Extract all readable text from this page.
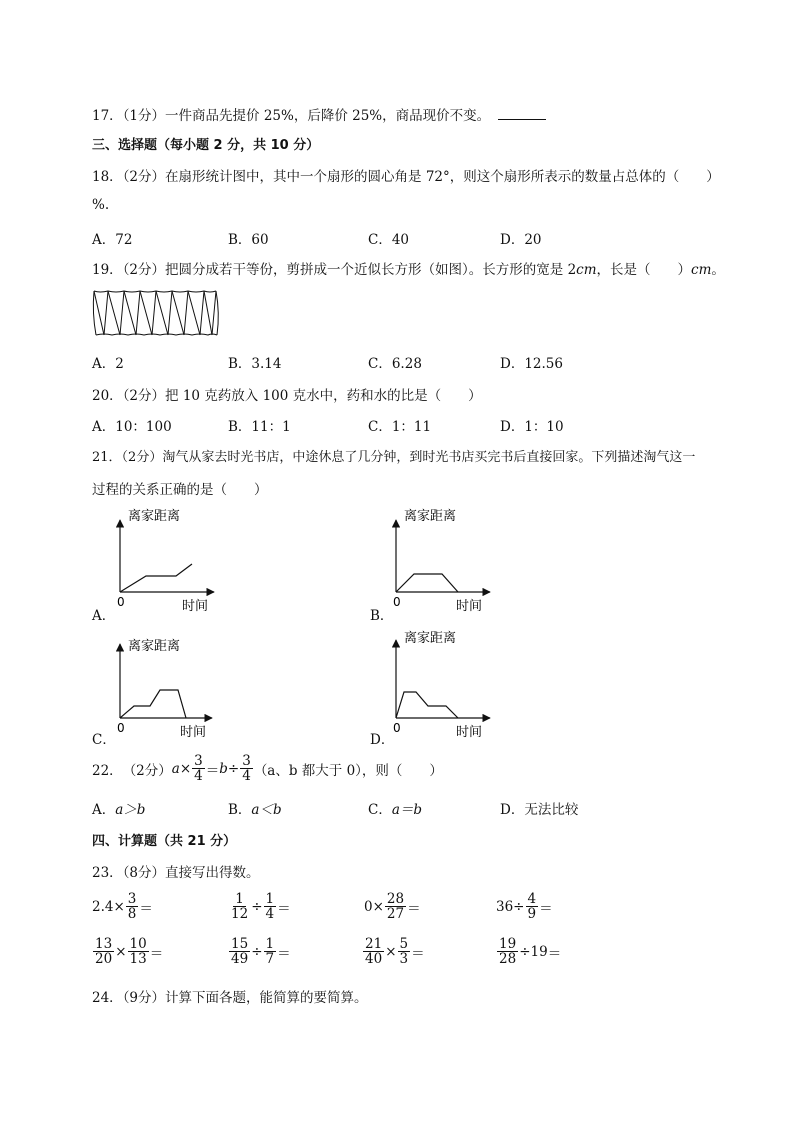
17．（1分）一件商品先提价 25%，后降价 25%，商品现价不变。
三、选择题（每小题 2 分，共 10 分）
18．（2分）在扇形统计图中，其中一个扇形的圆心角是 72°，则这个扇形所表示的数量占总体的（　　）
%.
A．72	B．60	C．40	D．20
19．（2分）把圆分成若干等份，剪拼成一个近似长方形（如图）。长方形的宽是 2cm，长是（　　）cm。
A．2	B．3.14	C．6.28	D．12.56
20．（2分）把 10 克药放入 100 克水中，药和水的比是（　　）
A．10：100	B．11：1	C．1：11	D．1：10
21．（2分）淘气从家去时光书店，中途休息了几分钟，到时光书店买完书后直接回家。下列描述淘气这一
过程的关系正确的是（　　）
A．
离家距离
0	时间
B．
离家距离
0	时间
C．
离家距离
0	时间	D．
离家距离
0	时间
22． （2分） $a \times \frac{3}{4} = b \div \frac{3}{4} (a$、b 都大于 0），则（　　）
A．a＞b	B．a＜b	C．a＝b	D．无法比较
四、计算题（共 21 分）
23．（8分）直接写出得数。
$2.4\times \frac{3}{8}$ ＝	$\frac{1}{12} \div \frac{1}{4}$ ＝	$0\times \frac{28}{27}$ ＝	$36\div \frac{4}{9}$ ＝
$\frac{13}{20} \times \frac{10}{13}$ ＝	$\frac{15}{49} \div \frac{1}{7}$ ＝	$\frac{21}{40} \times \frac{5}{3}$ ＝	$\frac{19}{28} \div 19$ ＝
24．（9分）计算下面各题，能简算的要简算。
